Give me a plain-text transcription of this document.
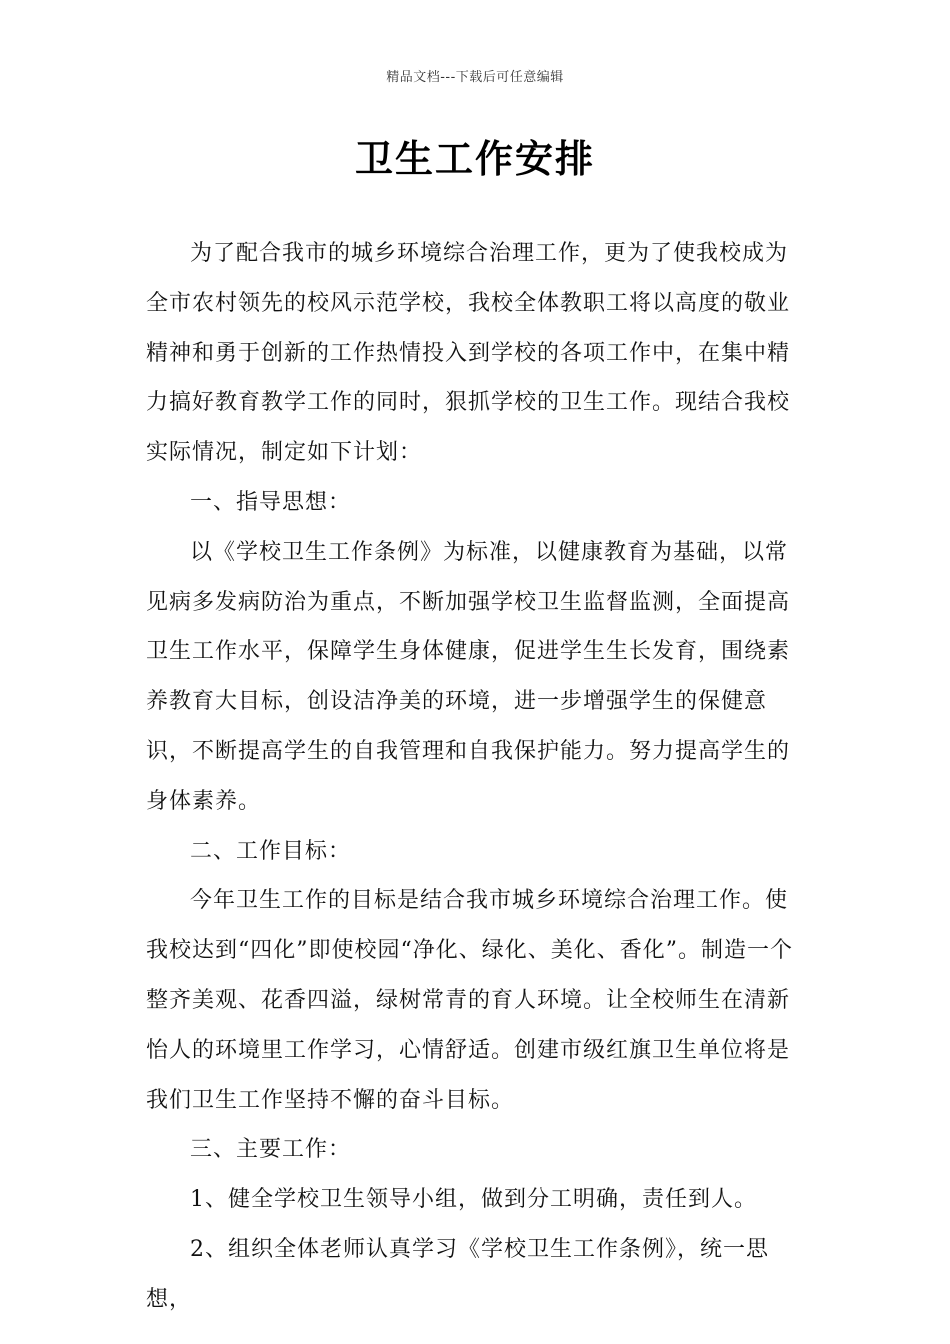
精品文档---下载后可任意编辑
卫生工作安排

为了配合我市的城乡环境综合治理工作，更为了使我校成为全市农村领先的校风示范学校，我校全体教职工将以高度的敬业精神和勇于创新的工作热情投入到学校的各项工作中，在集中精力搞好教育教学工作的同时，狠抓学校的卫生工作。现结合我校实际情况，制定如下计划：

一、指导思想：

以《学校卫生工作条例》为标准，以健康教育为基础，以常见病多发病防治为重点，不断加强学校卫生监督监测，全面提高卫生工作水平，保障学生身体健康，促进学生生长发育，围绕素养教育大目标，创设洁净美的环境，进一步增强学生的保健意识，不断提高学生的自我管理和自我保护能力。努力提高学生的身体素养。

二、工作目标：

今年卫生工作的目标是结合我市城乡环境综合治理工作。使我校达到“四化”即使校园“净化、绿化、美化、香化”。制造一个整齐美观、花香四溢，绿树常青的育人环境。让全校师生在清新怡人的环境里工作学习，心情舒适。创建市级红旗卫生单位将是我们卫生工作坚持不懈的奋斗目标。

三、主要工作：

1、健全学校卫生领导小组，做到分工明确，责任到人。

2、组织全体老师认真学习《学校卫生工作条例》，统一思想，
